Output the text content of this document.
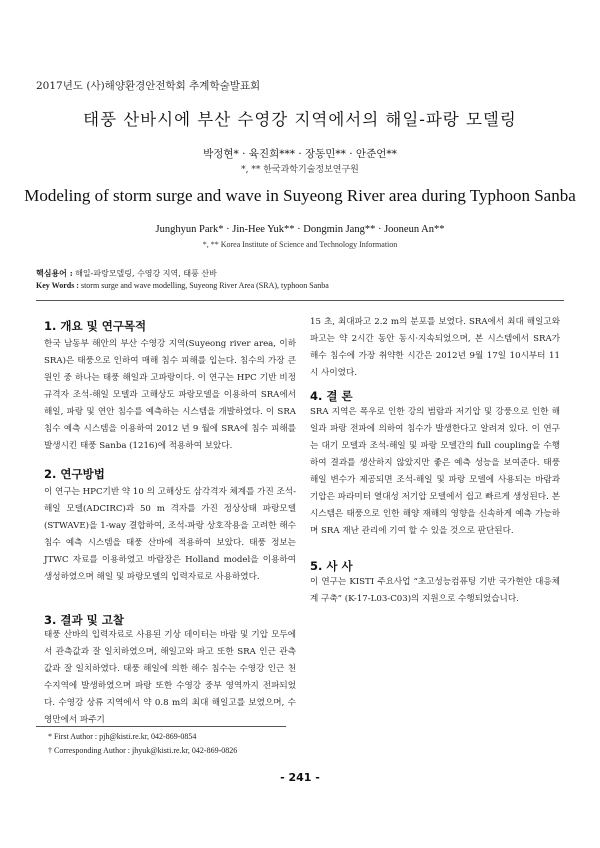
2017년도 (사)해양환경안전학회 추계학술발표회
태풍 산바시에 부산 수영강 지역에서의 해일-파랑 모델링
박정현* · 육진희*** · 장동민** · 안준언**
*, ** 한국과학기술정보연구원
Modeling of storm surge and wave in Suyeong River area during Typhoon Sanba
Junghyun Park* · Jin-Hee Yuk** · Dongmin Jang** · Jooneun An**
*, ** Korea Institute of Science and Technology Information
핵심용어 : 해일-파랑모델링, 수영강 지역, 태풍 산바
Key Words : storm surge and wave modelling, Suyeong River Area (SRA), typhoon Sanba
1. 개요 및 연구목적
한국 남동부 해안의 부산 수영강 지역(Suyeong river area, 이하 SRA)은 태풍으로 인하여 매해 침수 피해를 입는다. 침수의 가장 큰 원인 중 하나는 태풍 해일과 고파랑이다. 이 연구는 HPC 기반 비정규격자 조석-해일 모델과 고해상도 파랑모델을 이용하여 SRA에서 해일, 파랑 및 연안 침수를 예측하는 시스템을 개발하였다. 이 SRA 침수 예측 시스템을 이용하여 2012 년 9 월에 SRA에 침수 피해를 발생시킨 태풍 Sanba (1216)에 적용하여 보았다.
2. 연구방법
이 연구는 HPC기반 약 10 의 고해상도 삼각격자 체계를 가진 조석-해일 모델(ADCIRC)과 50 m 격자를 가진 정상상태 파랑모델(STWAVE)을 1-way 결합하여, 조석-파랑 상호작용을 고려한 해수 침수 예측 시스템을 태풍 산바에 적용하여 보았다. 태풍 정보는 JTWC 자료를 이용하였고 바람장은 Holland model을 이용하여 생성하였으며 해일 및 파랑모델의 입력자료로 사용하였다.
3. 결과 및 고찰
태풍 산바의 입력자료로 사용된 기상 데이터는 바람 및 기압 모두에서 관측값과 잘 일치하였으며, 해일고와 파고 또한 SRA 인근 관측값과 잘 일치하였다. 태풍 해일에 의한 해수 침수는 수영강 인근 천수지역에 발생하였으며 파랑 또한 수영강 중부 영역까지 전파되었다. 수영강 상류 지역에서 약 0.8 m의 최대 해일고를 보였으며, 수영만에서 파주기
15 초, 최대파고 2.2 m의 분포를 보였다. SRA에서 최대 해일고와 파고는 약 2시간 동안 동시·지속되었으며, 본 시스템에서 SRA가 해수 침수에 가장 취약한 시간은 2012년 9월 17일 10시부터 11시 사이였다.
4. 결 론
SRA 지역은 폭우로 인한 강의 범람과 저기압 및 강풍으로 인한 해일과 파랑 전파에 의하여 침수가 발생한다고 알려져 있다. 이 연구는 대기 모델과 조석-해일 및 파랑 모델간의 full coupling을 수행하여 결과를 생산하지 않았지만 좋은 예측 성능을 보여준다. 태풍 해일 변수가 제공되면 조석-해일 및 파랑 모델에 사용되는 바람과 기압은 파라미터 열대성 저기압 모델에서 쉽고 빠르게 생성된다. 본 시스템은 태풍으로 인한 해양 재해의 영향을 신속하게 예측 가능하며 SRA 재난 관리에 기여 할 수 있을 것으로 판단된다.
5. 사 사
이 연구는 KISTI 주요사업 “초고성능컴퓨팅 기반 국가현안 대응체계 구축” (K-17-L03-C03)의 지원으로 수행되었습니다.
* First Author : pjh@kisti.re.kr, 042-869-0854
† Corresponding Author : jhyuk@kisti.re.kr, 042-869-0826
- 241 -
